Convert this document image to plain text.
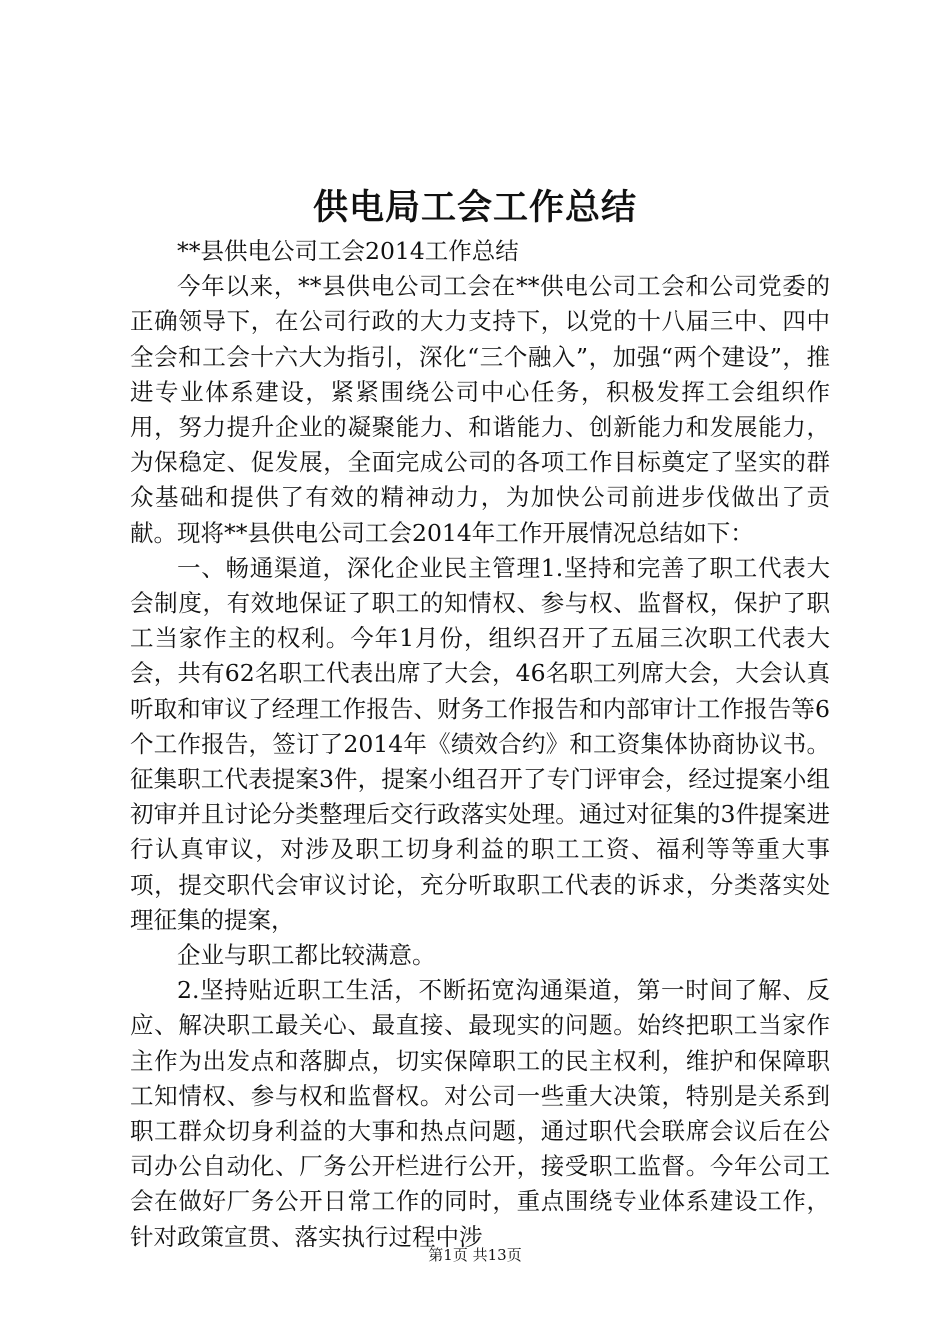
供电局工会工作总结

**县供电公司工会2014工作总结

今年以来，**县供电公司工会在**供电公司工会和公司党委的正确领导下，在公司行政的大力支持下，以党的十八届三中、四中全会和工会十六大为指引，深化“三个融入”，加强“两个建设”，推进专业体系建设，紧紧围绕公司中心任务，积极发挥工会组织作用，努力提升企业的凝聚能力、和谐能力、创新能力和发展能力，为保稳定、促发展，全面完成公司的各项工作目标奠定了坚实的群众基础和提供了有效的精神动力，为加快公司前进步伐做出了贡献。现将**县供电公司工会2014年工作开展情况总结如下：

一、畅通渠道，深化企业民主管理1.坚持和完善了职工代表大会制度，有效地保证了职工的知情权、参与权、监督权，保护了职工当家作主的权利。今年1月份，组织召开了五届三次职工代表大会，共有62名职工代表出席了大会，46名职工列席大会，大会认真听取和审议了经理工作报告、财务工作报告和内部审计工作报告等6个工作报告，签订了2014年《绩效合约》和工资集体协商协议书。征集职工代表提案3件，提案小组召开了专门评审会，经过提案小组初审并且讨论分类整理后交行政落实处理。通过对征集的3件提案进行认真审议，对涉及职工切身利益的职工工资、福利等等重大事项，提交职代会审议讨论，充分听取职工代表的诉求，分类落实处理征集的提案，

企业与职工都比较满意。

2.坚持贴近职工生活，不断拓宽沟通渠道，第一时间了解、反应、解决职工最关心、最直接、最现实的问题。始终把职工当家作主作为出发点和落脚点，切实保障职工的民主权利，维护和保障职工知情权、参与权和监督权。对公司一些重大决策，特别是关系到职工群众切身利益的大事和热点问题，通过职代会联席会议后在公司办公自动化、厂务公开栏进行公开，接受职工监督。今年公司工会在做好厂务公开日常工作的同时，重点围绕专业体系建设工作，针对政策宣贯、落实执行过程中涉

第1页 共13页
